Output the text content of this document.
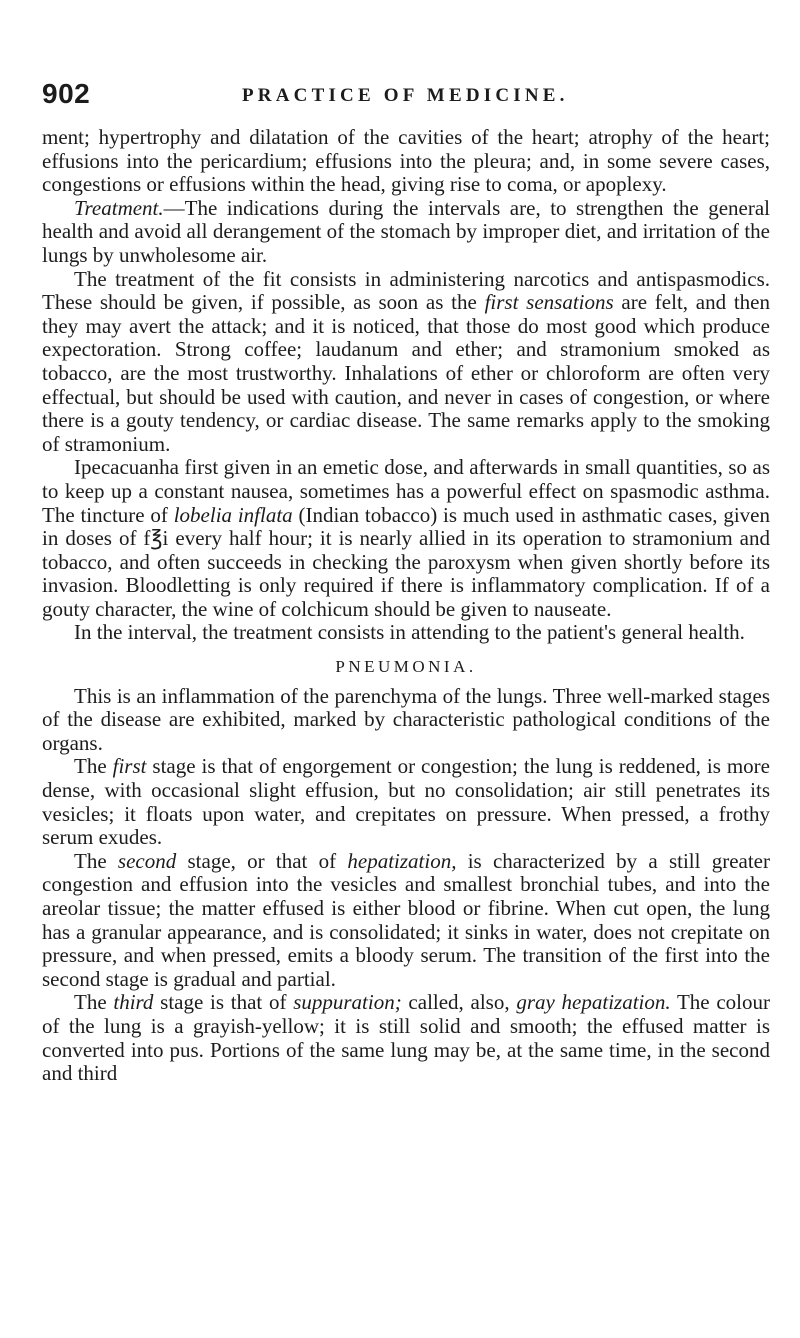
902	PRACTICE OF MEDICINE.

ment; hypertrophy and dilatation of the cavities of the heart; atrophy of the heart; effusions into the pericardium; effusions into the pleura; and, in some severe cases, congestions or effusions within the head, giving rise to coma, or apoplexy.

Treatment.—The indications during the intervals are, to strengthen the general health and avoid all derangement of the stomach by improper diet, and irritation of the lungs by unwholesome air.

The treatment of the fit consists in administering narcotics and antispasmodics. These should be given, if possible, as soon as the first sensations are felt, and then they may avert the attack; and it is noticed, that those do most good which produce expectoration. Strong coffee; laudanum and ether; and stramonium smoked as tobacco, are the most trustworthy. Inhalations of ether or chloroform are often very effectual, but should be used with caution, and never in cases of congestion, or where there is a gouty tendency, or cardiac disease. The same remarks apply to the smoking of stramonium.

Ipecacuanha first given in an emetic dose, and afterwards in small quantities, so as to keep up a constant nausea, sometimes has a powerful effect on spasmodic asthma. The tincture of lobelia inflata (Indian tobacco) is much used in asthmatic cases, given in doses of f℥i every half hour; it is nearly allied in its operation to stramonium and tobacco, and often succeeds in checking the paroxysm when given shortly before its invasion. Bloodletting is only required if there is inflammatory complication. If of a gouty character, the wine of colchicum should be given to nauseate.

In the interval, the treatment consists in attending to the patient's general health.

PNEUMONIA.

This is an inflammation of the parenchyma of the lungs. Three well-marked stages of the disease are exhibited, marked by characteristic pathological conditions of the organs.

The first stage is that of engorgement or congestion; the lung is reddened, is more dense, with occasional slight effusion, but no consolidation; air still penetrates its vesicles; it floats upon water, and crepitates on pressure. When pressed, a frothy serum exudes.

The second stage, or that of hepatization, is characterized by a still greater congestion and effusion into the vesicles and smallest bronchial tubes, and into the areolar tissue; the matter effused is either blood or fibrine. When cut open, the lung has a granular appearance, and is consolidated; it sinks in water, does not crepitate on pressure, and when pressed, emits a bloody serum. The transition of the first into the second stage is gradual and partial.

The third stage is that of suppuration; called, also, gray hepatization. The colour of the lung is a grayish-yellow; it is still solid and smooth; the effused matter is converted into pus. Portions of the same lung may be, at the same time, in the second and third
